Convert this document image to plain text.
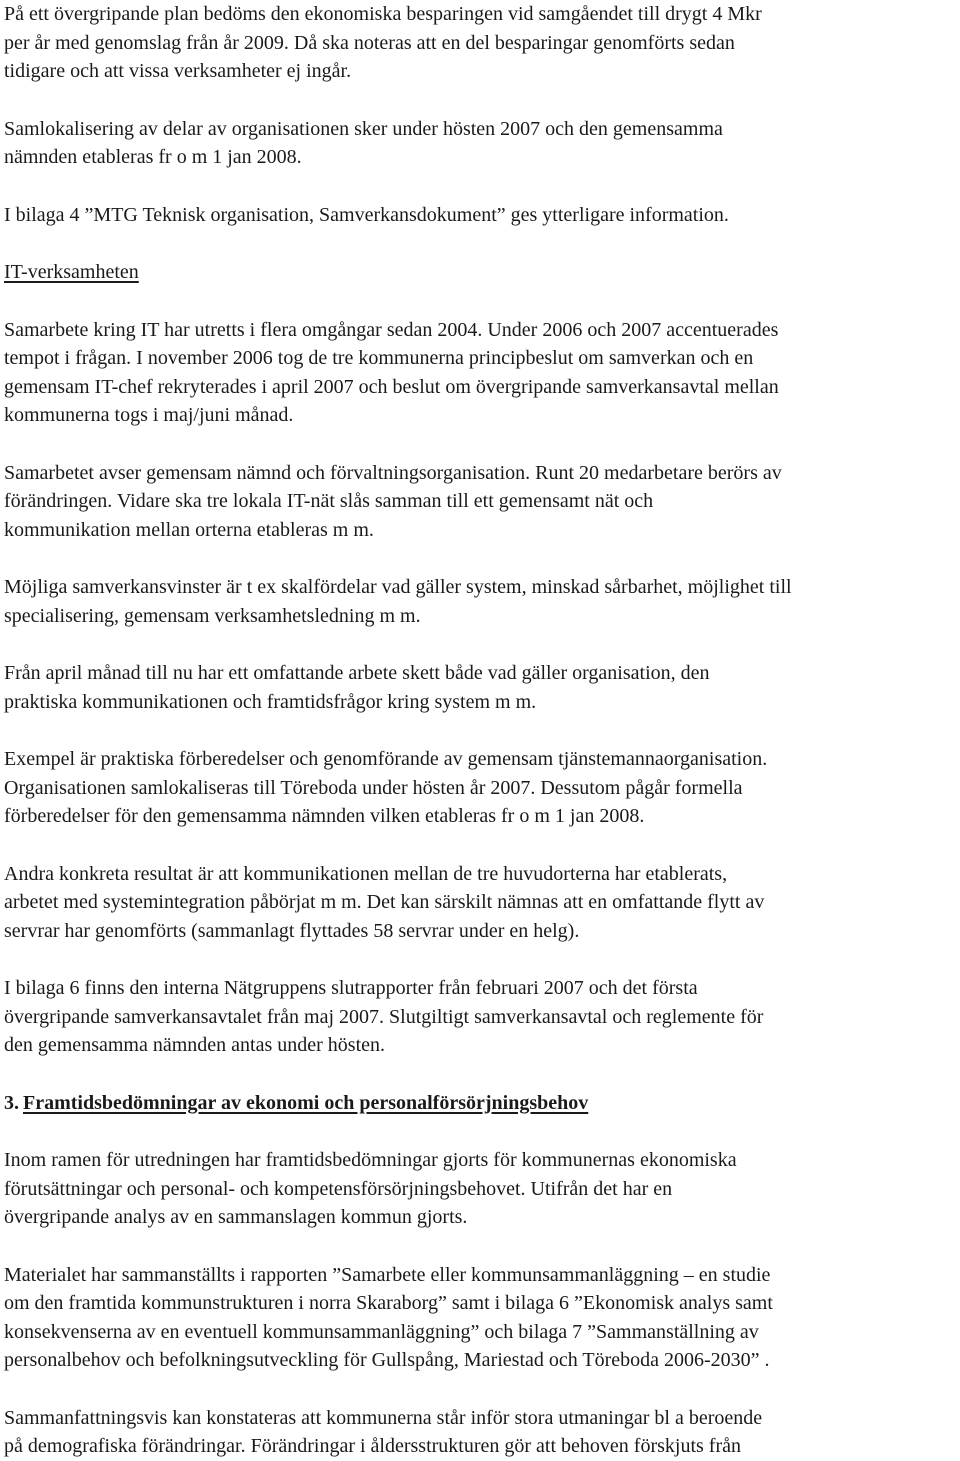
På ett övergripande plan bedöms den ekonomiska besparingen vid samgåendet till drygt 4 Mkr
per år med genomslag från år 2009. Då ska noteras att en del besparingar genomförts sedan
tidigare och att vissa verksamheter ej ingår.

Samlokalisering av delar av organisationen sker under hösten 2007 och den gemensamma
nämnden etableras fr o m 1 jan 2008.

I bilaga 4 ”MTG Teknisk organisation, Samverkansdokument” ges ytterligare information.

IT-verksamheten

Samarbete kring IT har utretts i flera omgångar sedan 2004. Under 2006 och 2007 accentuerades
tempot i frågan. I november 2006 tog de tre kommunerna principbeslut om samverkan och en
gemensam IT-chef rekryterades i april 2007 och beslut om övergripande samverkansavtal mellan
kommunerna togs i maj/juni månad.

Samarbetet avser gemensam nämnd och förvaltningsorganisation. Runt 20 medarbetare berörs av
förändringen. Vidare ska tre lokala IT-nät slås samman till ett gemensamt nät och
kommunikation mellan orterna etableras m m.

Möjliga samverkansvinster är t ex skalfördelar vad gäller system, minskad sårbarhet, möjlighet till
specialisering, gemensam verksamhetsledning m m.

Från april månad till nu har ett omfattande arbete skett både vad gäller organisation, den
praktiska kommunikationen och framtidsfrågor kring system m m.

Exempel är praktiska förberedelser och genomförande av gemensam tjänstemannaorganisation.
Organisationen samlokaliseras till Töreboda under hösten år 2007. Dessutom pågår formella
förberedelser för den gemensamma nämnden vilken etableras fr o m 1 jan 2008.

Andra konkreta resultat är att kommunikationen mellan de tre huvudorterna har etablerats,
arbetet med systemintegration påbörjat m m. Det kan särskilt nämnas att en omfattande flytt av
servrar har genomförts (sammanlagt flyttades 58 servrar under en helg).

I bilaga 6 finns den interna Nätgruppens slutrapporter från februari 2007 och det första
övergripande samverkansavtalet från maj 2007. Slutgiltigt samverkansavtal och reglemente för
den gemensamma nämnden antas under hösten.

3. Framtidsbedömningar av ekonomi och personalförsörjningsbehov

Inom ramen för utredningen har framtidsbedömningar gjorts för kommunernas ekonomiska
förutsättningar och personal- och kompetensförsörjningsbehovet. Utifrån det har en
övergripande analys av en sammanslagen kommun gjorts.

Materialet har sammanställts i rapporten ”Samarbete eller kommunsammanläggning – en studie
om den framtida kommunstrukturen i norra Skaraborg” samt i bilaga 6 ”Ekonomisk analys samt
konsekvenserna av en eventuell kommunsammanläggning” och bilaga 7 ”Sammanställning av
personalbehov och befolkningsutveckling för Gullspång, Mariestad och Töreboda 2006-2030” .

Sammanfattningsvis kan konstateras att kommunerna står inför stora utmaningar bl a beroende
på demografiska förändringar. Förändringar i åldersstrukturen gör att behoven förskjuts från
